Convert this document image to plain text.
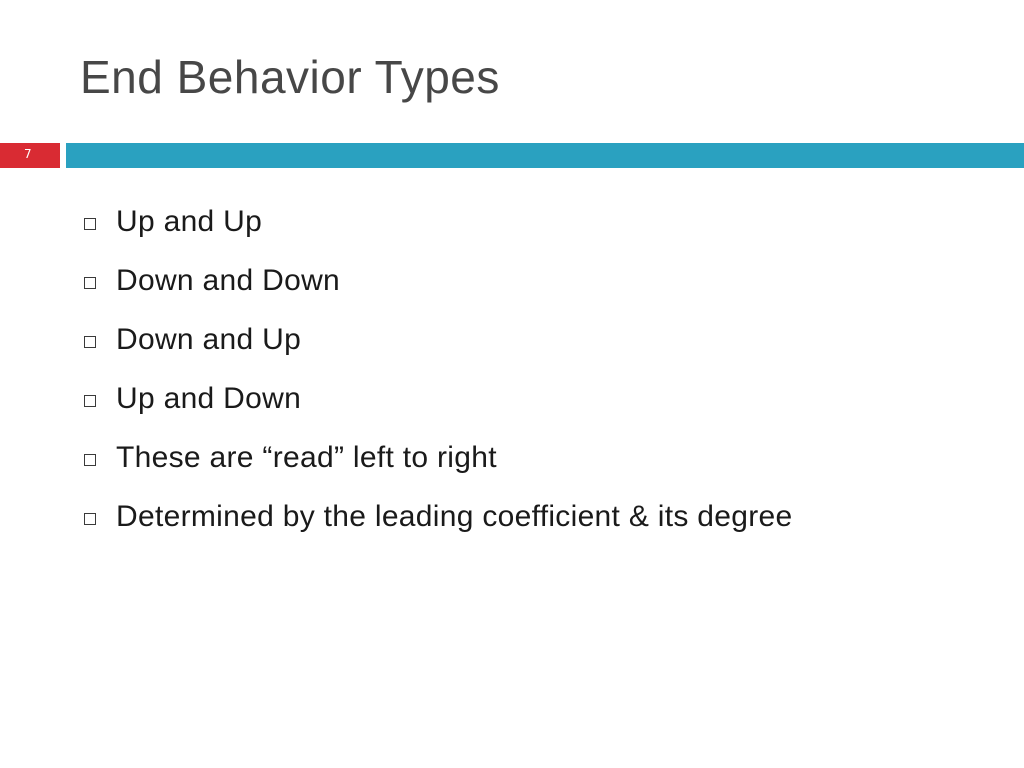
End Behavior Types
7
Up and Up
Down and Down
Down and Up
Up and Down
These are “read” left to right
Determined by the leading coefficient & its degree
